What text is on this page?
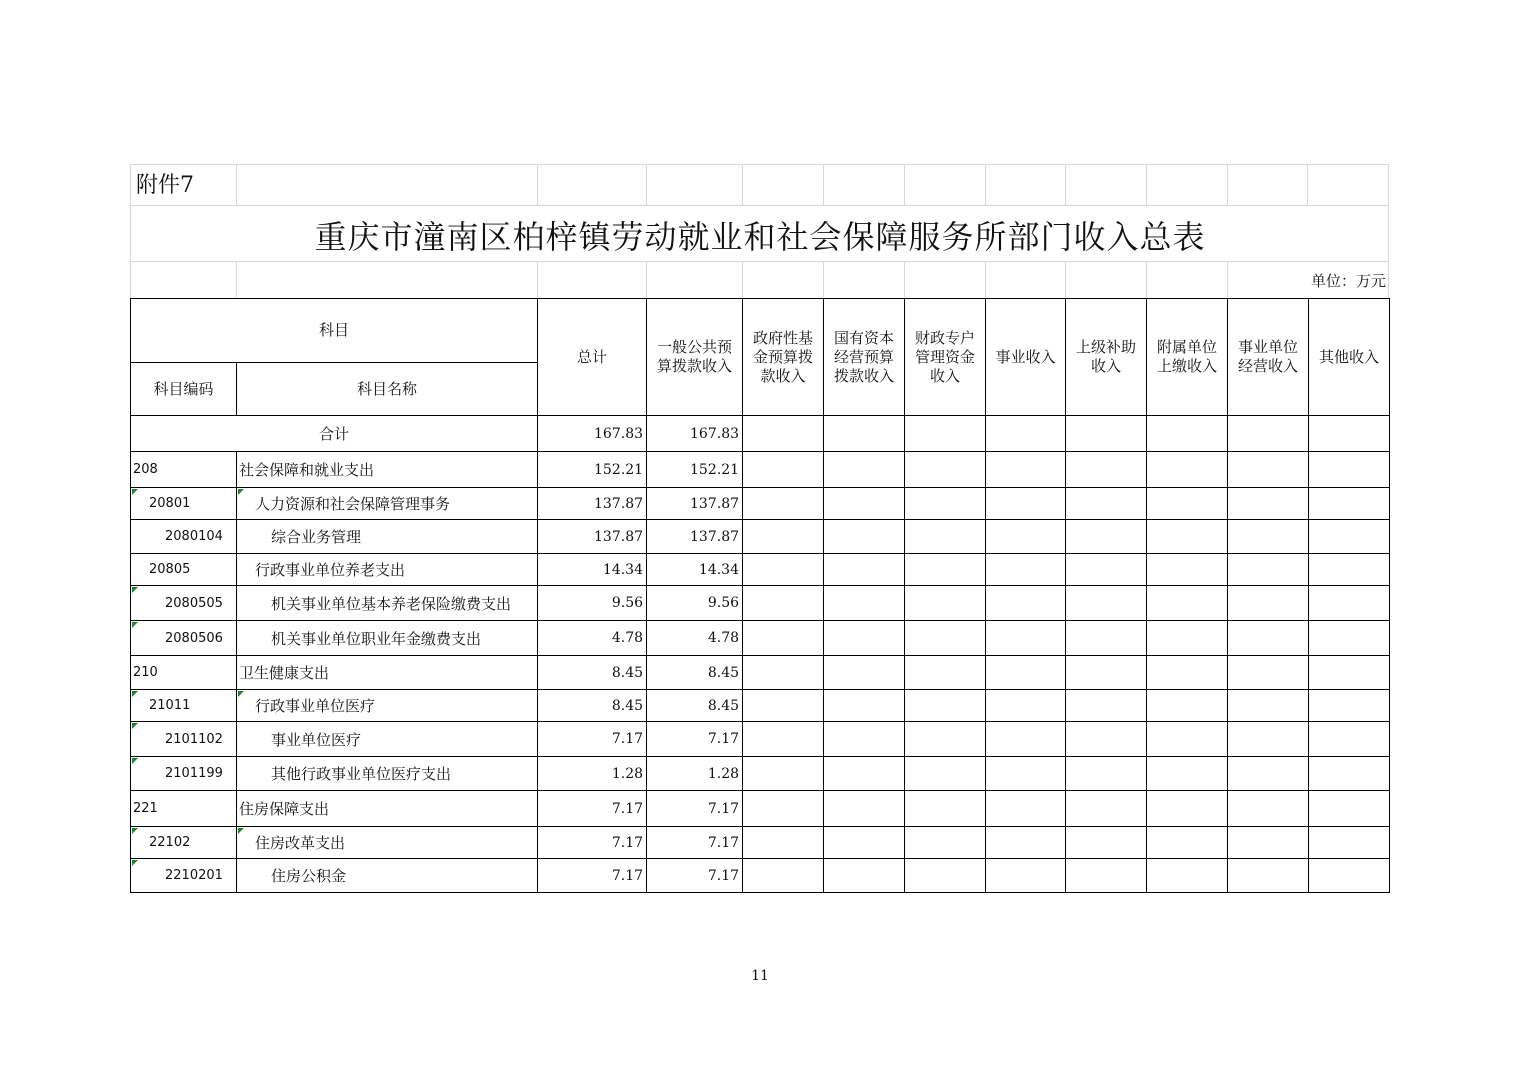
附件7
重庆市潼南区柏梓镇劳动就业和社会保障服务所部门收入总表
单位：万元
科目		总计	一般公共预算拨款收入	政府性基金预算拨款收入	国有资本经营预算拨款收入	财政专户管理资金收入	事业收入	上级补助收入	附属单位上缴收入	事业单位经营收入	其他收入
科目编码	科目名称										
合计		167.83	167.83								
208	社会保障和就业支出	152.21	152.21								
20801	人力资源和社会保障管理事务	137.87	137.87								
2080104	综合业务管理	137.87	137.87								
20805	行政事业单位养老支出	14.34	14.34								
2080505	机关事业单位基本养老保险缴费支出	9.56	9.56								
2080506	机关事业单位职业年金缴费支出	4.78	4.78								
210	卫生健康支出	8.45	8.45								
21011	行政事业单位医疗	8.45	8.45								
2101102	事业单位医疗	7.17	7.17								
2101199	其他行政事业单位医疗支出	1.28	1.28								
221	住房保障支出	7.17	7.17								
22102	住房改革支出	7.17	7.17								
2210201	住房公积金	7.17	7.17								
11
